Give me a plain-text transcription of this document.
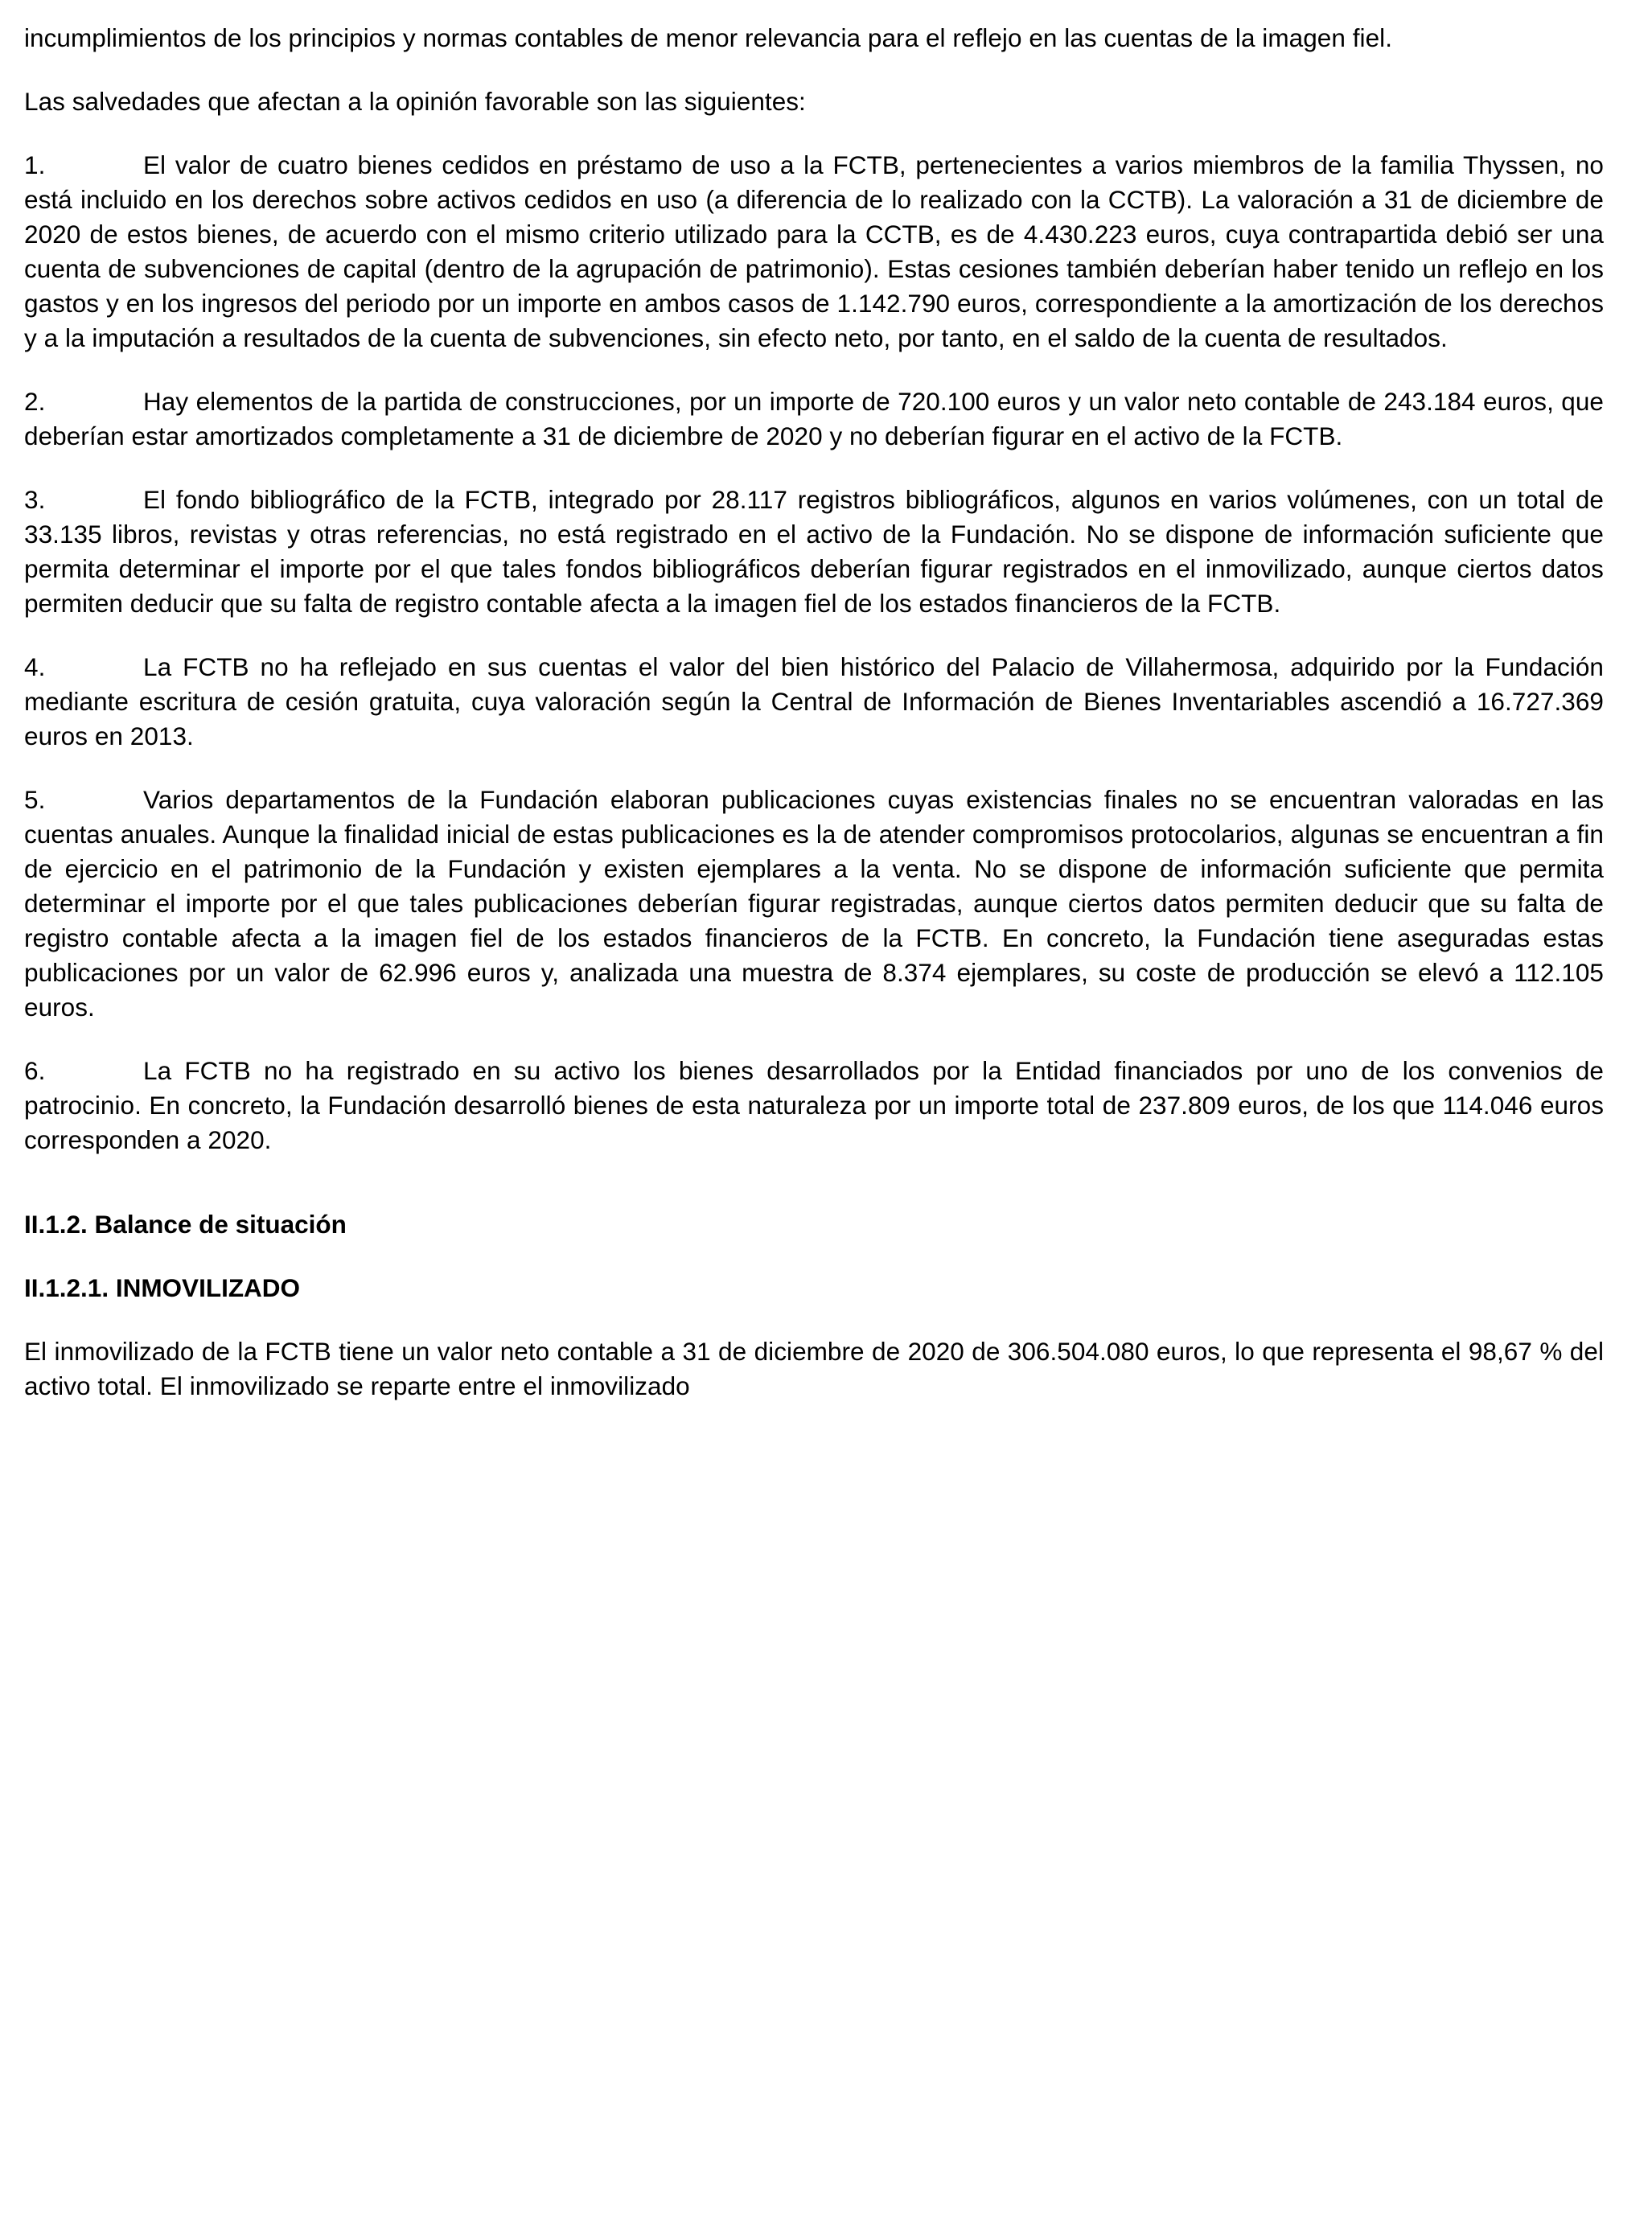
incumplimientos de los principios y normas contables de menor relevancia para el reflejo en las cuentas de la imagen fiel.

Las salvedades que afectan a la opinión favorable son las siguientes:

1.	El valor de cuatro bienes cedidos en préstamo de uso a la FCTB, pertenecientes a varios miembros de la familia Thyssen, no está incluido en los derechos sobre activos cedidos en uso (a diferencia de lo realizado con la CCTB). La valoración a 31 de diciembre de 2020 de estos bienes, de acuerdo con el mismo criterio utilizado para la CCTB, es de 4.430.223 euros, cuya contrapartida debió ser una cuenta de subvenciones de capital (dentro de la agrupación de patrimonio). Estas cesiones también deberían haber tenido un reflejo en los gastos y en los ingresos del periodo por un importe en ambos casos de 1.142.790 euros, correspondiente a la amortización de los derechos y a la imputación a resultados de la cuenta de subvenciones, sin efecto neto, por tanto, en el saldo de la cuenta de resultados.

2.	Hay elementos de la partida de construcciones, por un importe de 720.100 euros y un valor neto contable de 243.184 euros, que deberían estar amortizados completamente a 31 de diciembre de 2020 y no deberían figurar en el activo de la FCTB.

3.	El fondo bibliográfico de la FCTB, integrado por 28.117 registros bibliográficos, algunos en varios volúmenes, con un total de 33.135 libros, revistas y otras referencias, no está registrado en el activo de la Fundación. No se dispone de información suficiente que permita determinar el importe por el que tales fondos bibliográficos deberían figurar registrados en el inmovilizado, aunque ciertos datos permiten deducir que su falta de registro contable afecta a la imagen fiel de los estados financieros de la FCTB.

4.	La FCTB no ha reflejado en sus cuentas el valor del bien histórico del Palacio de Villahermosa, adquirido por la Fundación mediante escritura de cesión gratuita, cuya valoración según la Central de Información de Bienes Inventariables ascendió a 16.727.369 euros en 2013.

5.	Varios departamentos de la Fundación elaboran publicaciones cuyas existencias finales no se encuentran valoradas en las cuentas anuales. Aunque la finalidad inicial de estas publicaciones es la de atender compromisos protocolarios, algunas se encuentran a fin de ejercicio en el patrimonio de la Fundación y existen ejemplares a la venta. No se dispone de información suficiente que permita determinar el importe por el que tales publicaciones deberían figurar registradas, aunque ciertos datos permiten deducir que su falta de registro contable afecta a la imagen fiel de los estados financieros de la FCTB. En concreto, la Fundación tiene aseguradas estas publicaciones por un valor de 62.996 euros y, analizada una muestra de 8.374 ejemplares, su coste de producción se elevó a 112.105 euros.

6.	La FCTB no ha registrado en su activo los bienes desarrollados por la Entidad financiados por uno de los convenios de patrocinio. En concreto, la Fundación desarrolló bienes de esta naturaleza por un importe total de 237.809 euros, de los que 114.046 euros corresponden a 2020.

II.1.2. Balance de situación
II.1.2.1. INMOVILIZADO

El inmovilizado de la FCTB tiene un valor neto contable a 31 de diciembre de 2020 de 306.504.080 euros, lo que representa el 98,67 % del activo total. El inmovilizado se reparte entre el inmovilizado
